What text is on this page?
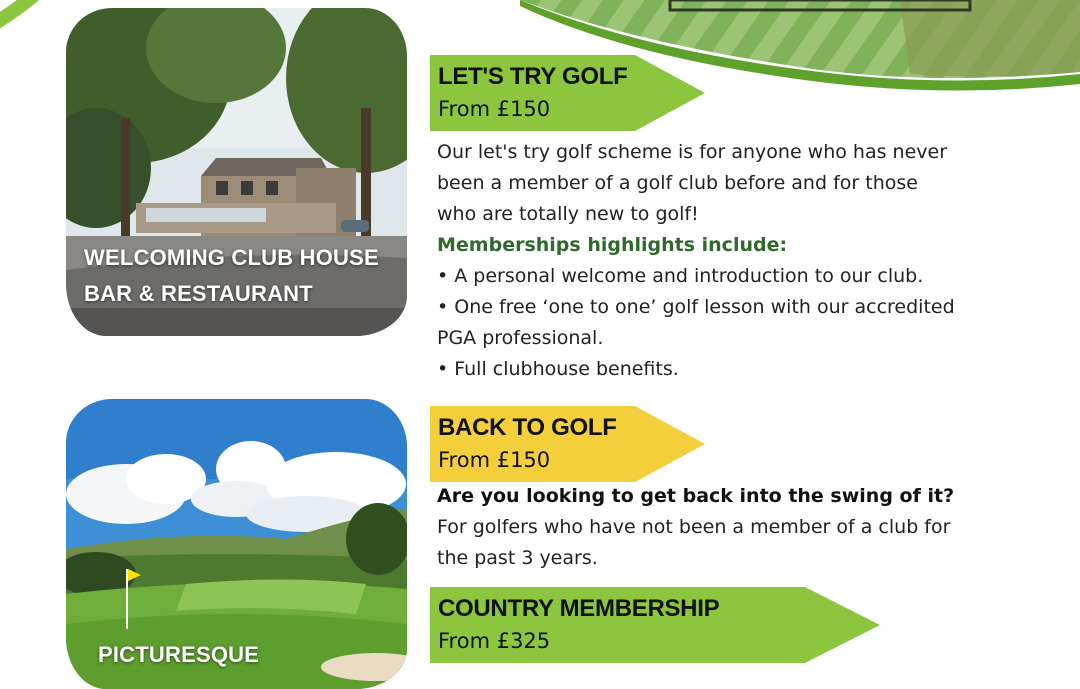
WELCOMING CLUB HOUSE
BAR & RESTAURANT
PICTURESQUE
LET'S TRY GOLF
From £150

Our let's try golf scheme is for anyone who has never

been a member of a golf club before and for those

who are totally new to golf!

Memberships highlights include:

• A personal welcome and introduction to our club.

• One free ‘one to one’ golf lesson with our accredited

PGA professional.

• Full clubhouse benefits.

BACK TO GOLF
From £150

Are you looking to get back into the swing of it?

For golfers who have not been a member of a club for

the past 3 years.

COUNTRY MEMBERSHIP
From £325
